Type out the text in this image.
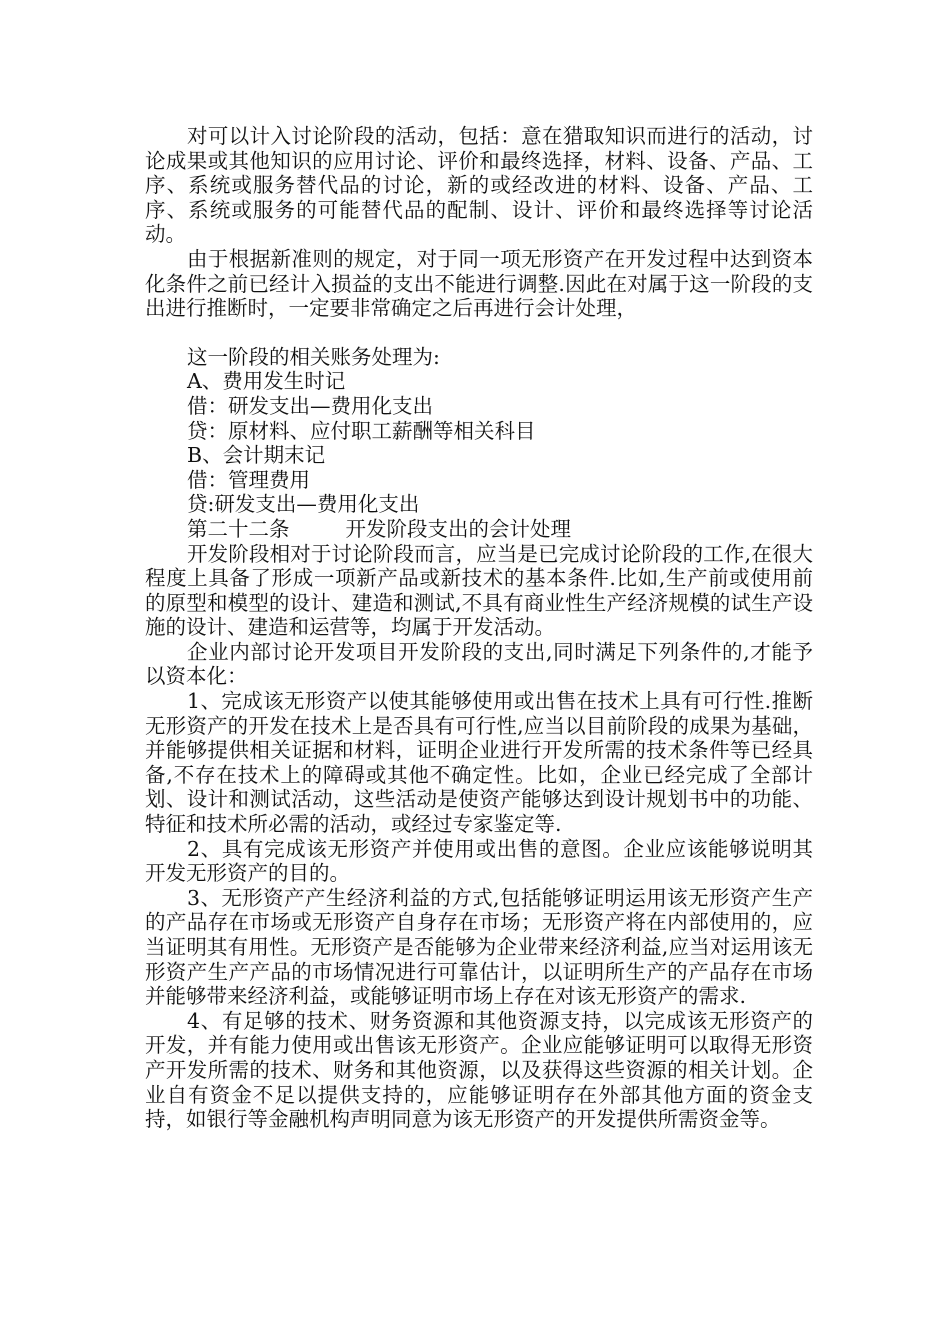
对可以计入讨论阶段的活动，包括：意在猎取知识而进行的活动，讨论成果或其他知识的应用讨论、评价和最终选择，材料、设备、产品、工序、系统或服务替代品的讨论，新的或经改进的材料、设备、产品、工序、系统或服务的可能替代品的配制、设计、评价和最终选择等讨论活动。

由于根据新准则的规定，对于同一项无形资产在开发过程中达到资本化条件之前已经计入损益的支出不能进行调整.因此在对属于这一阶段的支出进行推断时，一定要非常确定之后再进行会计处理，

这一阶段的相关账务处理为:

A、费用发生时记

借：研发支出—费用化支出

贷：原材料、应付职工薪酬等相关科目

B、会计期末记

借：管理费用

贷:研发支出—费用化支出

第二十二条	开发阶段支出的会计处理

开发阶段相对于讨论阶段而言，应当是已完成讨论阶段的工作,在很大程度上具备了形成一项新产品或新技术的基本条件.比如,生产前或使用前的原型和模型的设计、建造和测试,不具有商业性生产经济规模的试生产设施的设计、建造和运营等，均属于开发活动。

企业内部讨论开发项目开发阶段的支出,同时满足下列条件的,才能予以资本化：

1、完成该无形资产以使其能够使用或出售在技术上具有可行性.推断无形资产的开发在技术上是否具有可行性,应当以目前阶段的成果为基础，并能够提供相关证据和材料，证明企业进行开发所需的技术条件等已经具备,不存在技术上的障碍或其他不确定性。比如，企业已经完成了全部计划、设计和测试活动，这些活动是使资产能够达到设计规划书中的功能、特征和技术所必需的活动，或经过专家鉴定等.

2、具有完成该无形资产并使用或出售的意图。企业应该能够说明其开发无形资产的目的。

3、无形资产产生经济利益的方式,包括能够证明运用该无形资产生产的产品存在市场或无形资产自身存在市场；无形资产将在内部使用的，应当证明其有用性。无形资产是否能够为企业带来经济利益,应当对运用该无形资产生产产品的市场情况进行可靠估计，以证明所生产的产品存在市场并能够带来经济利益，或能够证明市场上存在对该无形资产的需求.

4、有足够的技术、财务资源和其他资源支持，以完成该无形资产的开发，并有能力使用或出售该无形资产。企业应能够证明可以取得无形资产开发所需的技术、财务和其他资源，以及获得这些资源的相关计划。企业自有资金不足以提供支持的，应能够证明存在外部其他方面的资金支持，如银行等金融机构声明同意为该无形资产的开发提供所需资金等。
